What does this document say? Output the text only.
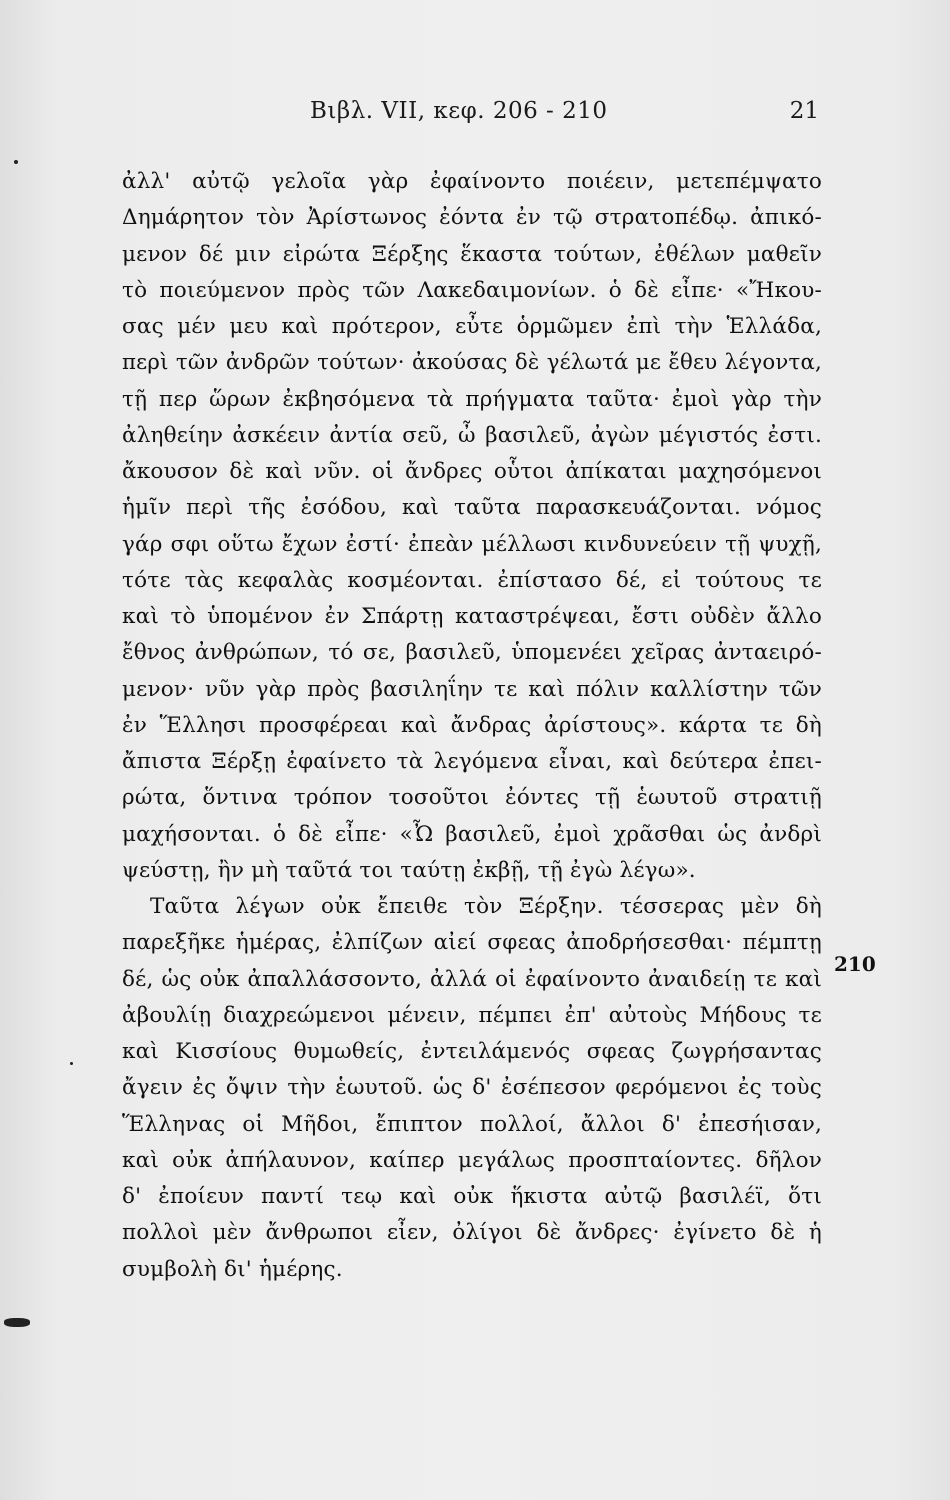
Βιβλ. VII, κεφ. 206 - 210	21
ἀλλ' αὐτῷ γελοῖα γὰρ ἐφαίνοντο ποιέειν, μετεπέμψατο
Δημάρητον τὸν Ἀρίστωνος ἐόντα ἐν τῷ στρατοπέδῳ. ἀπικό-
μενον δέ μιν εἰρώτα Ξέρξης ἕκαστα τούτων, ἐθέλων μαθεῖν
τὸ ποιεύμενον πρὸς τῶν Λακεδαιμονίων. ὁ δὲ εἶπε· «Ἤκου-
σας μέν μευ καὶ πρότερον, εὖτε ὁρμῶμεν ἐπὶ τὴν Ἑλλάδα,
περὶ τῶν ἀνδρῶν τούτων· ἀκούσας δὲ γέλωτά με ἔθευ λέγοντα,
τῇ περ ὥρων ἐκβησόμενα τὰ πρήγματα ταῦτα· ἐμοὶ γὰρ τὴν
ἀληθείην ἀσκέειν ἀντία σεῦ, ὦ βασιλεῦ, ἀγὼν μέγιστός ἐστι.
ἄκουσον δὲ καὶ νῦν. οἱ ἄνδρες οὗτοι ἀπίκαται μαχησόμενοι
ἡμῖν περὶ τῆς ἐσόδου, καὶ ταῦτα παρασκευάζονται. νόμος
γάρ σφι οὕτω ἔχων ἐστί· ἐπεὰν μέλλωσι κινδυνεύειν τῇ ψυχῇ,
τότε τὰς κεφαλὰς κοσμέονται. ἐπίστασο δέ, εἰ τούτους τε
καὶ τὸ ὑπομένον ἐν Σπάρτῃ καταστρέψεαι, ἔστι οὐδὲν ἄλλο
ἔθνος ἀνθρώπων, τό σε, βασιλεῦ, ὑπομενέει χεῖρας ἀνταειρό-
μενον· νῦν γὰρ πρὸς βασιληΐην τε καὶ πόλιν καλλίστην τῶν
ἐν Ἕλλησι προσφέρεαι καὶ ἄνδρας ἀρίστους». κάρτα τε δὴ
ἄπιστα Ξέρξῃ ἐφαίνετο τὰ λεγόμενα εἶναι, καὶ δεύτερα ἐπει-
ρώτα, ὅντινα τρόπον τοσοῦτοι ἐόντες τῇ ἑωυτοῦ στρατιῇ
μαχήσονται. ὁ δὲ εἶπε· «Ὦ βασιλεῦ, ἐμοὶ χρᾶσθαι ὡς ἀνδρὶ
ψεύστῃ, ἢν μὴ ταῦτά τοι ταύτῃ ἐκβῇ, τῇ ἐγὼ λέγω».
Ταῦτα λέγων οὐκ ἔπειθε τὸν Ξέρξην. τέσσερας μὲν δὴ
παρεξῆκε ἡμέρας, ἐλπίζων αἰεί σφεας ἀποδρήσεσθαι· πέμπτῃ
δέ, ὡς οὐκ ἀπαλλάσσοντο, ἀλλά οἱ ἐφαίνοντο ἀναιδείῃ τε καὶ
ἀβουλίῃ διαχρεώμενοι μένειν, πέμπει ἐπ' αὐτοὺς Μήδους τε
καὶ Κισσίους θυμωθείς, ἐντειλάμενός σφεας ζωγρήσαντας
ἄγειν ἐς ὄψιν τὴν ἑωυτοῦ. ὡς δ' ἐσέπεσον φερόμενοι ἐς τοὺς
Ἕλληνας οἱ Μῆδοι, ἔπιπτον πολλοί, ἄλλοι δ' ἐπεσήισαν,
καὶ οὐκ ἀπήλαυνον, καίπερ μεγάλως προσπταίοντες. δῆλον
δ' ἐποίευν παντί τεῳ καὶ οὐκ ἥκιστα αὐτῷ βασιλέϊ, ὅτι
πολλοὶ μὲν ἄνθρωποι εἶεν, ὀλίγοι δὲ ἄνδρες· ἐγίνετο δὲ ἡ
συμβολὴ δι' ἡμέρης.
210
